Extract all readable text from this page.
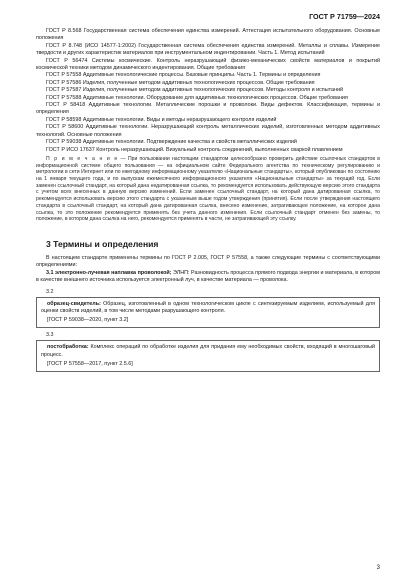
ГОСТ Р 71759—2024

ГОСТ Р 8.568 Государственная система обеспечения единства измерений. Аттестация испытательного оборудования. Основные положения

ГОСТ Р 8.748 (ИСО 14577-1:2002) Государственная система обеспечения единства измерений. Металлы и сплавы. Измерение твердости и других характеристик материалов при инструментальном индентировании. Часть 1. Метод испытаний

ГОСТ Р 56474 Системы космические. Контроль неразрушающий физико-механических свойств материалов и покрытий космической техники методом динамического индентирования. Общие требования

ГОСТ Р 57558 Аддитивные технологические процессы. Базовые принципы. Часть 1. Термины и определения

ГОСТ Р 57586 Изделия, полученные методом аддитивных технологических процессов. Общие требования

ГОСТ Р 57587 Изделия, полученные методом аддитивных технологических процессов. Методы контроля и испытаний

ГОСТ Р 57588 Аддитивные технологии. Оборудование для аддитивных технологических процессов. Общие требования

ГОСТ Р 58418 Аддитивные технологии. Металлические порошки и проволоки. Виды дефектов. Классификация, термины и определения

ГОСТ Р 58598 Аддитивные технологии. Виды и методы неразрушающего контроля изделий

ГОСТ Р 58600 Аддитивные технологии. Неразрушающий контроль металлических изделий, изготовленных методом аддитивных технологий. Основные положения

ГОСТ Р 59038 Аддитивные технологии. Подтверждение качества и свойств металлических изделий

ГОСТ Р ИСО 17637 Контроль неразрушающий. Визуальный контроль соединений, выполненных сваркой плавлением

П р и м е ч а н и е — При пользовании настоящим стандартом целесообразно проверить действие ссылочных стандартов в информационной системе общего пользования — на официальном сайте Федерального агентства по техническому регулированию и метрологии в сети Интернет или по ежегодному информационному указателю «Национальные стандарты», который опубликован по состоянию на 1 января текущего года, и по выпускам ежемесячного информационного указателя «Национальные стандарты» за текущий год. Если заменен ссылочный стандарт, на который дана недатированная ссылка, то рекомендуется использовать действующую версию этого стандарта с учетом всех внесенных в данную версию изменений. Если заменен ссылочный стандарт, на который дана датированная ссылка, то рекомендуется использовать версию этого стандарта с указанным выше годом утверждения (принятия). Если после утверждения настоящего стандарта в ссылочный стандарт, на который дана датированная ссылка, внесено изменение, затрагивающее положение, на которое дана ссылка, то это положение рекомендуется применять без учета данного изменения. Если ссылочный стандарт отменен без замены, то положение, в котором дана ссылка на него, рекомендуется применять в части, не затрагивающей эту ссылку.

3 Термины и определения

В настоящем стандарте применены термины по ГОСТ Р 2.005, ГОСТ Р 57558, а также следующие термины с соответствующими определениями:

3.1 электронно-лучевая наплавка проволокой; ЭЛНП: Разновидность процесса прямого подвода энергии и материала, в котором в качестве внешнего источника используется электронный луч, в качестве материала — проволока.

3.2

образец-свидетель: Образец, изготовленный в одном технологическом цикле с синтезируемым изделием, используемый для оценки свойств изделий, в том числе методами разрушающего контроля.

[ГОСТ Р 59038—2020, пункт 3.2]
3.3

постобработка: Комплекс операций по обработке изделия для придания ему необходимых свойств, входящий в многошаговый процесс.

[ГОСТ Р 57558—2017, пункт 2.5.6]
3
